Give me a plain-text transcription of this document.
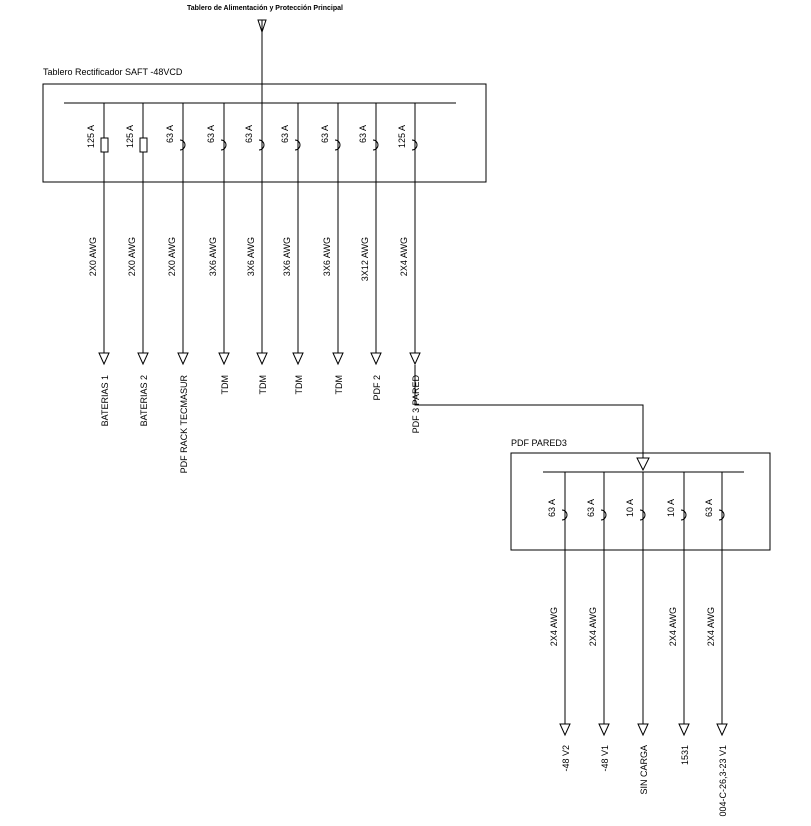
Tablero de Alimentación y Protección Principal
Tablero Rectificador SAFT -48VCD
125 A
2X0 AWG
BATERIAS 1
125 A
2X0 AWG
BATERIAS 2
63 A
2X0 AWG
PDF RACK TECMASUR
63 A
3X6 AWG
TDM
63 A
3X6 AWG
TDM
63 A
3X6 AWG
TDM
63 A
3X6 AWG
TDM
63 A
3X12 AWG
PDF 2
125 A
2X4 AWG
PDF 3 PARED
PDF PARED3
63 A
2X4 AWG
-48 V2
63 A
2X4 AWG
-48 V1
10 A
SIN CARGA
10 A
2X4 AWG
1531
63 A
2X4 AWG
004-C-26,3-23 V1
